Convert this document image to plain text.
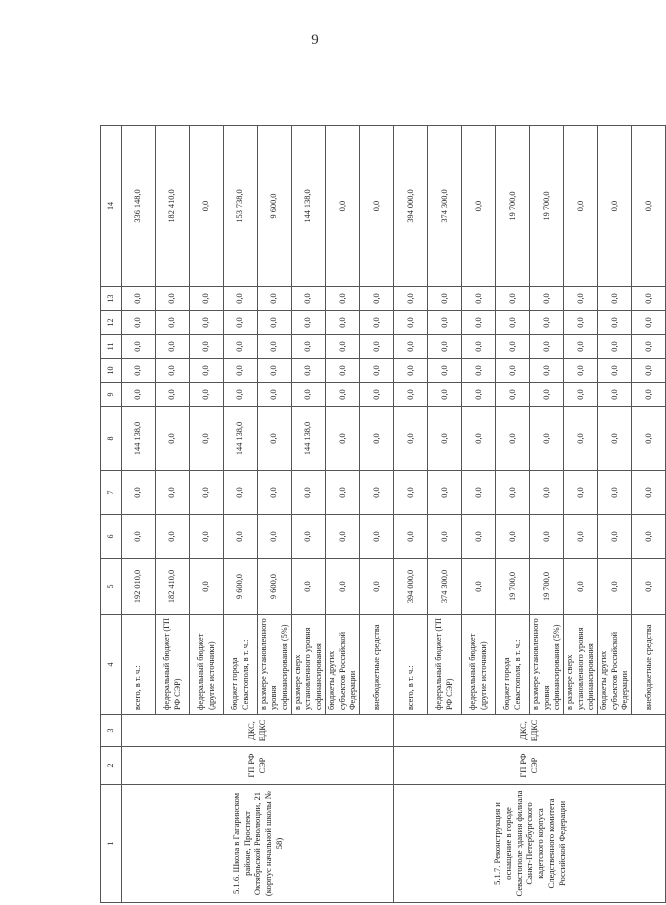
9
1	2	3	4	5	6	7	8	9	10	11	12	13	14
5.1.6. Школа в Гагаринском районе, Проспект Октябрьской Революции, 21 (корпус начальной школы № 58)	ГП РФ СЭР	ДКС, ЕДКС	всего, в т. ч.:	192 010,0	0,0	0,0	144 138,0	0,0	0,0	0,0	0,0	0,0	336 148,0
			федеральный бюджет (ГП РФ СЭР)	182 410,0	0,0	0,0	0,0	0,0	0,0	0,0	0,0	0,0	182 410,0
			федеральный бюджет (другие источники)	0,0	0,0	0,0	0,0	0,0	0,0	0,0	0,0	0,0	0,0
			бюджет города Севастополя, в т. ч.:	9 600,0	0,0	0,0	144 138,0	0,0	0,0	0,0	0,0	0,0	153 738,0
			в размере установленного уровня софинансирования (5%)	9 600,0	0,0	0,0	0,0	0,0	0,0	0,0	0,0	0,0	9 600,0
			в размере сверх установленного уровня софинансирования	0,0	0,0	0,0	144 138,0	0,0	0,0	0,0	0,0	0,0	144 138,0
			бюджеты других субъектов Российской Федерации	0,0	0,0	0,0	0,0	0,0	0,0	0,0	0,0	0,0	0,0
			внебюджетные средства	0,0	0,0	0,0	0,0	0,0	0,0	0,0	0,0	0,0	0,0
5.1.7. Реконструкция и оснащение в городе Севастополе здания филиала Санкт-Петербургского кадетского корпуса Следственного комитета Российской Федерации	ГП РФ СЭР	ДКС, ЕДКС	всего, в т. ч.:	394 000,0	0,0	0,0	0,0	0,0	0,0	0,0	0,0	0,0	394 000,0
			федеральный бюджет (ГП РФ СЭР)	374 300,0	0,0	0,0	0,0	0,0	0,0	0,0	0,0	0,0	374 300,0
			федеральный бюджет (другие источники)	0,0	0,0	0,0	0,0	0,0	0,0	0,0	0,0	0,0	0,0
			бюджет города Севастополя, в т. ч.:	19 700,0	0,0	0,0	0,0	0,0	0,0	0,0	0,0	0,0	19 700,0
			в размере установленного уровня софинансирования (5%)	19 700,0	0,0	0,0	0,0	0,0	0,0	0,0	0,0	0,0	19 700,0
			в размере сверх установленного уровня софинансирования	0,0	0,0	0,0	0,0	0,0	0,0	0,0	0,0	0,0	0,0
			бюджеты других субъектов Российской Федерации	0,0	0,0	0,0	0,0	0,0	0,0	0,0	0,0	0,0	0,0
			внебюджетные средства	0,0	0,0	0,0	0,0	0,0	0,0	0,0	0,0	0,0	0,0
